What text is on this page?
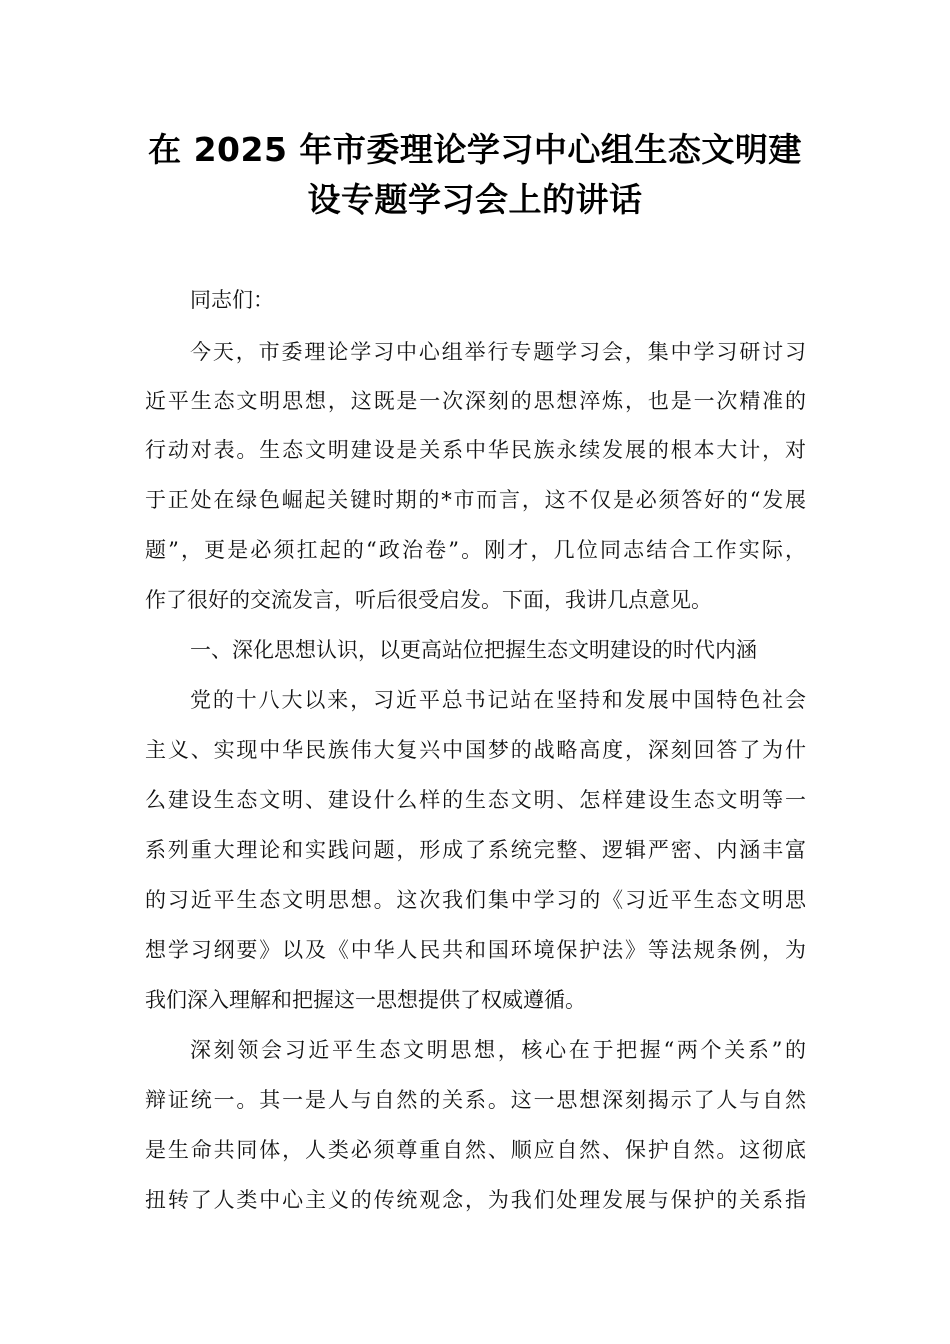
在 2025 年市委理论学习中心组生态文明建
设专题学习会上的讲话

同志们：

今天，市委理论学习中心组举行专题学习会，集中学习研讨习

近平生态文明思想，这既是一次深刻的思想淬炼，也是一次精准的

行动对表。生态文明建设是关系中华民族永续发展的根本大计，对

于正处在绿色崛起关键时期的*市而言，这不仅是必须答好的“发展

题”，更是必须扛起的“政治卷”。刚才，几位同志结合工作实际，

作了很好的交流发言，听后很受启发。下面，我讲几点意见。

一、深化思想认识，以更高站位把握生态文明建设的时代内涵

党的十八大以来，习近平总书记站在坚持和发展中国特色社会

主义、实现中华民族伟大复兴中国梦的战略高度，深刻回答了为什

么建设生态文明、建设什么样的生态文明、怎样建设生态文明等一

系列重大理论和实践问题，形成了系统完整、逻辑严密、内涵丰富

的习近平生态文明思想。这次我们集中学习的《习近平生态文明思

想学习纲要》以及《中华人民共和国环境保护法》等法规条例，为

我们深入理解和把握这一思想提供了权威遵循。

深刻领会习近平生态文明思想，核心在于把握“两个关系”的

辩证统一。其一是人与自然的关系。这一思想深刻揭示了人与自然

是生命共同体，人类必须尊重自然、顺应自然、保护自然。这彻底

扭转了人类中心主义的传统观念，为我们处理发展与保护的关系指
